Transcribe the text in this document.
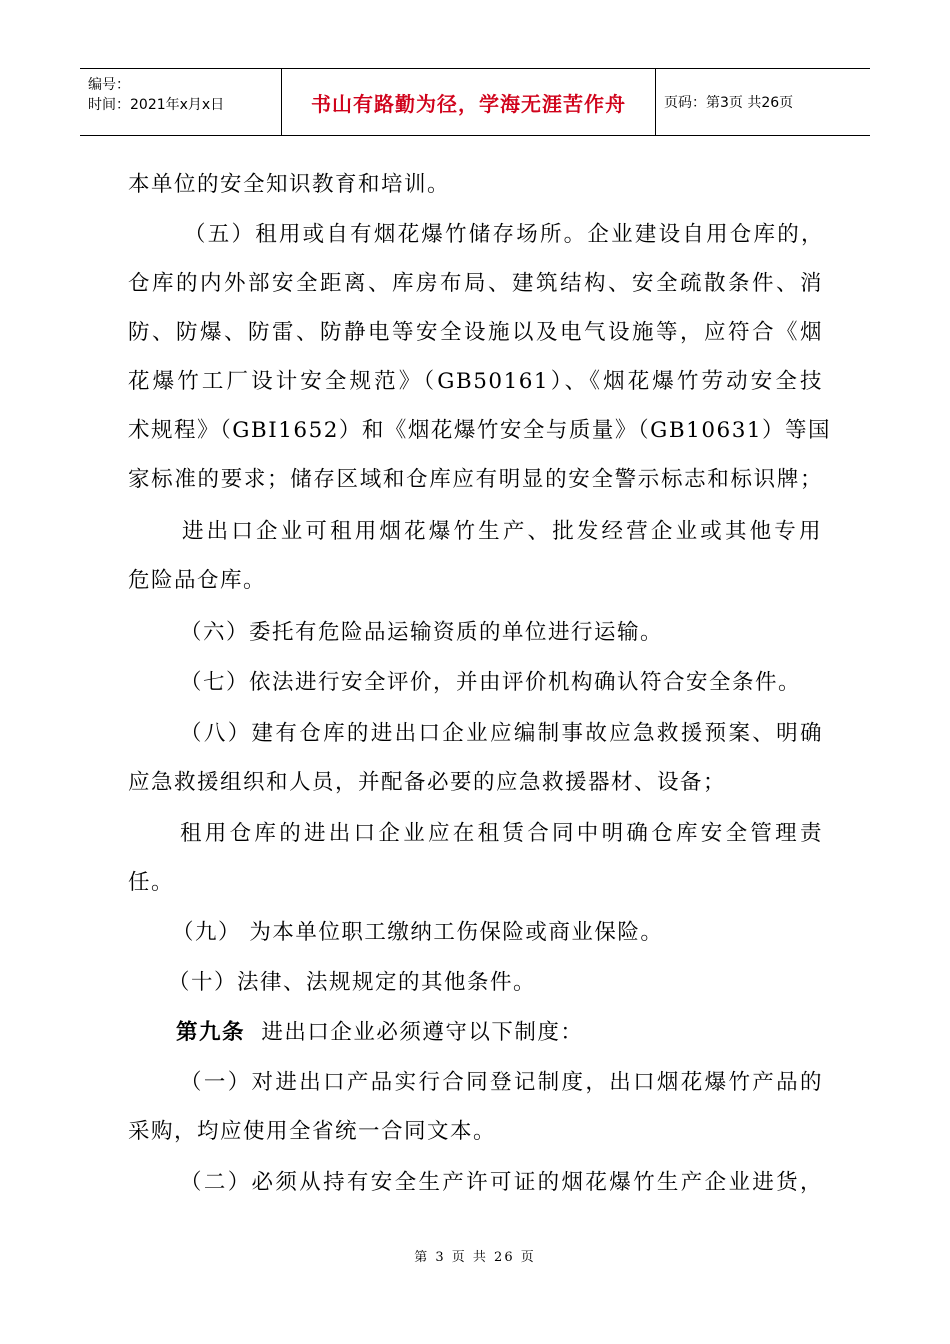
编号：
时间：2021年x月x日	书山有路勤为径，学海无涯苦作舟	页码：第3页 共26页
本单位的安全知识教育和培训。
（五）租用或自有烟花爆竹储存场所。企业建设自用仓库的，
仓库的内外部安全距离、库房布局、建筑结构、安全疏散条件、消
防、防爆、防雷、防静电等安全设施以及电气设施等，应符合《烟
花爆竹工厂设计安全规范》（GB50161）、《烟花爆竹劳动安全技
术规程》（GBI1652）和《烟花爆竹安全与质量》（GB10631）等国
家标准的要求；储存区域和仓库应有明显的安全警示标志和标识牌；
进出口企业可租用烟花爆竹生产、批发经营企业或其他专用
危险品仓库。
（六）委托有危险品运输资质的单位进行运输。
（七）依法进行安全评价，并由评价机构确认符合安全条件。
（八）建有仓库的进出口企业应编制事故应急救援预案、明确
应急救援组织和人员，并配备必要的应急救援器材、设备；
租用仓库的进出口企业应在租赁合同中明确仓库安全管理责
任。
（九） 为本单位职工缴纳工伤保险或商业保险。
（十）法律、法规规定的其他条件。
第九条 进出口企业必须遵守以下制度：
（一）对进出口产品实行合同登记制度，出口烟花爆竹产品的
采购，均应使用全省统一合同文本。
（二）必须从持有安全生产许可证的烟花爆竹生产企业进货，
第 3 页 共 26 页
